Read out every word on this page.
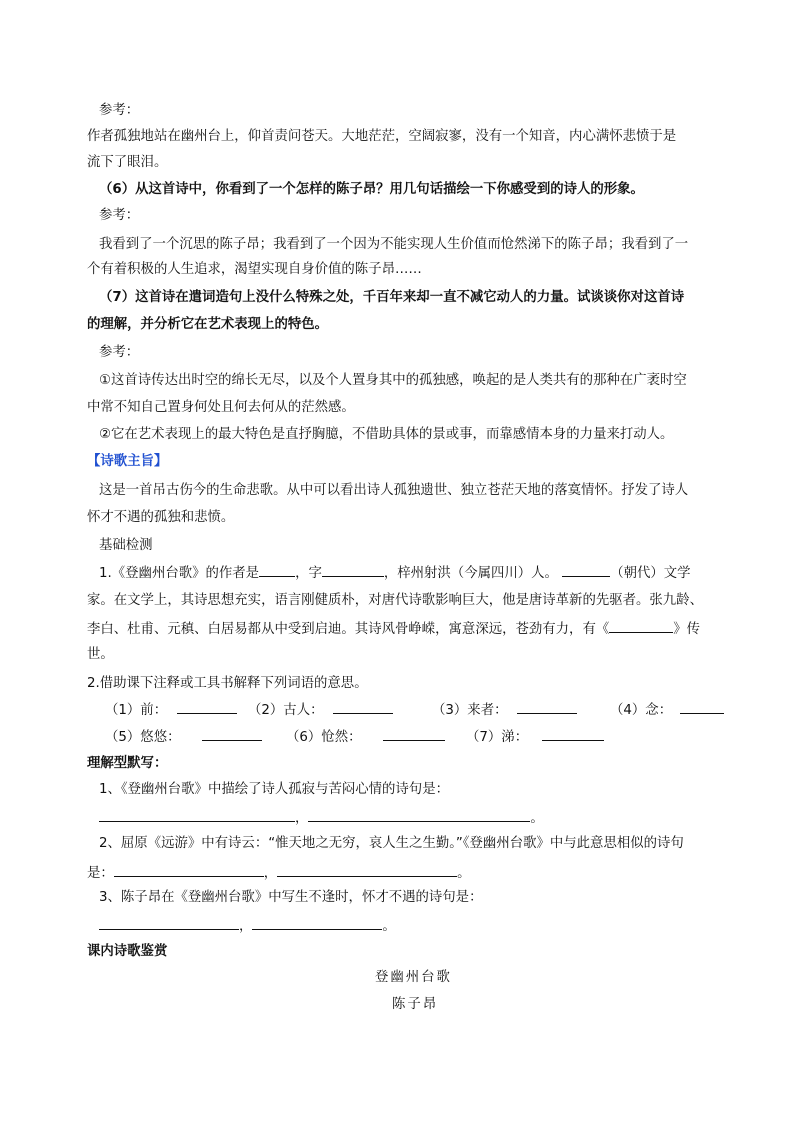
参考：
作者孤独地站在幽州台上，仰首责问苍天。大地茫茫，空阔寂寥，没有一个知音，内心满怀悲愤于是
流下了眼泪。
（6）从这首诗中，你看到了一个怎样的陈子昂？用几句话描绘一下你感受到的诗人的形象。
参考：
我看到了一个沉思的陈子昂；我看到了一个因为不能实现人生价值而怆然涕下的陈子昂；我看到了一
个有着积极的人生追求，渴望实现自身价值的陈子昂……
（7）这首诗在遣词造句上没什么特殊之处，千百年来却一直不减它动人的力量。试谈谈你对这首诗
的理解，并分析它在艺术表现上的特色。
参考：
①这首诗传达出时空的绵长无尽，以及个人置身其中的孤独感，唤起的是人类共有的那种在广袤时空
中常不知自己置身何处且何去何从的茫然感。
②它在艺术表现上的最大特色是直抒胸臆，不借助具体的景或事，而靠感情本身的力量来打动人。
【诗歌主旨】
这是一首吊古伤今的生命悲歌。从中可以看出诗人孤独遗世、独立苍茫天地的落寞情怀。抒发了诗人
怀才不遇的孤独和悲愤。
基础检测
1.《登幽州台歌》的作者是	，字	，梓州射洪（今属四川）人。	（朝代）文学
家。在文学上，其诗思想充实，语言刚健质朴，对唐代诗歌影响巨大，他是唐诗革新的先驱者。张九龄、
李白、杜甫、元稹、白居易都从中受到启迪。其诗风骨峥嵘，寓意深远，苍劲有力，有《	》传
世。
2.借助课下注释或工具书解释下列词语的意思。
（1）前：	（2）古人：	（3）来者：	（4）念：
（5）悠悠：	（6）怆然：	（7）涕：
理解型默写：
1、《登幽州台歌》中描绘了诗人孤寂与苦闷心情的诗句是：
，	。
2、屈原《远游》中有诗云：“惟天地之无穷，哀人生之生勤。”《登幽州台歌》中与此意思相似的诗句
是：	，	。
3、陈子昂在《登幽州台歌》中写生不逢时，怀才不遇的诗句是：
，	。
课内诗歌鉴赏
登幽州台歌
陈子昂
